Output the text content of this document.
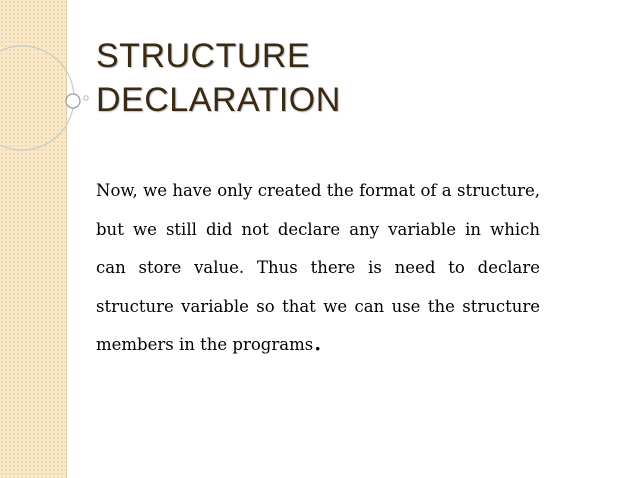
STRUCTURE
DECLARATION

Now, we have only created the format of a structure, but we still did not declare any variable in which can store value. Thus there is need to declare structure variable so that we can use the structure members in the programs.
